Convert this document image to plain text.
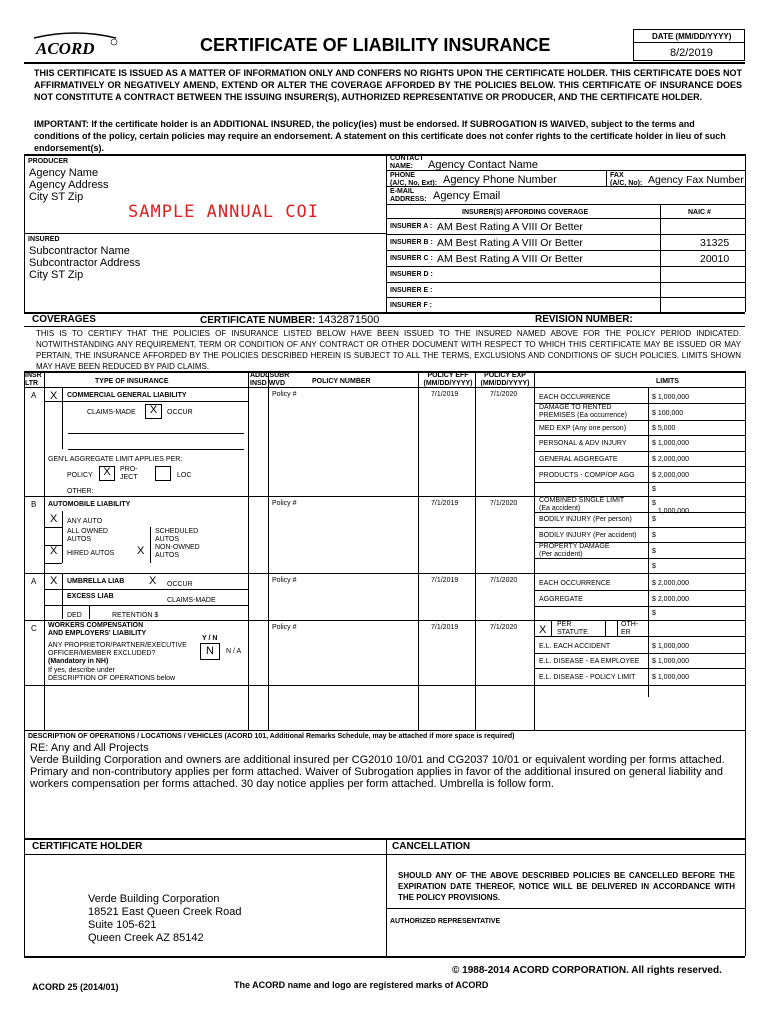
ACORD	CERTIFICATE OF LIABILITY INSURANCE	DATE (MM/DD/YYYY)
8/2/2019
THIS CERTIFICATE IS ISSUED AS A MATTER OF INFORMATION ONLY AND CONFERS NO RIGHTS UPON THE CERTIFICATE HOLDER. THIS CERTIFICATE DOES NOT AFFIRMATIVELY OR NEGATIVELY AMEND, EXTEND OR ALTER THE COVERAGE AFFORDED BY THE POLICIES BELOW. THIS CERTIFICATE OF INSURANCE DOES NOT CONSTITUTE A CONTRACT BETWEEN THE ISSUING INSURER(S), AUTHORIZED REPRESENTATIVE OR PRODUCER, AND THE CERTIFICATE HOLDER.
IMPORTANT: If the certificate holder is an ADDITIONAL INSURED, the policy(ies) must be endorsed. If SUBROGATION IS WAIVED, subject to the terms and conditions of the policy, certain policies may require an endorsement. A statement on this certificate does not confer rights to the certificate holder in lieu of such endorsement(s).
PRODUCER
Agency Name
Agency Address
City ST Zip
SAMPLE ANNUAL COI
CONTACT
NAME:	Agency Contact Name
PHONE
(A/C, No, Ext): Agency Phone Number	FAX
(A/C, No): Agency Fax Number
E-MAIL
ADDRESS: Agency Email
INSURER(S) AFFORDING COVERAGE	NAIC #
INSURER A : AM Best Rating A VIII Or Better
INSURER B : AM Best Rating A VIII Or Better	31325
INSURER C : AM Best Rating A VIII Or Better	20010
INSURER D :
INSURER E :
INSURER F :
INSURED
Subcontractor Name
Subcontractor Address
City ST Zip
COVERAGES	CERTIFICATE NUMBER: 1432871500	REVISION NUMBER:
THIS IS TO CERTIFY THAT THE POLICIES OF INSURANCE LISTED BELOW HAVE BEEN ISSUED TO THE INSURED NAMED ABOVE FOR THE POLICY PERIOD INDICATED. NOTWITHSTANDING ANY REQUIREMENT, TERM OR CONDITION OF ANY CONTRACT OR OTHER DOCUMENT WITH RESPECT TO WHICH THIS CERTIFICATE MAY BE ISSUED OR MAY PERTAIN, THE INSURANCE AFFORDED BY THE POLICIES DESCRIBED HEREIN IS SUBJECT TO ALL THE TERMS, EXCLUSIONS AND CONDITIONS OF SUCH POLICIES. LIMITS SHOWN MAY HAVE BEEN REDUCED BY PAID CLAIMS.
INSR
LTR	TYPE OF INSURANCE
ADDLSUBR
INSD WVD	POLICY NUMBER
POLICY EFF
(MM/DD/YYYY)
POLICY EXP
(MM/DD/YYYY)	LIMITS
A X COMMERCIAL GENERAL LIABILITY
CLAIMS-MADE	X	OCCUR
GEN'L AGGREGATE LIMIT APPLIES PER:
POLICY X	PRO-
JECT	LOC
OTHER:
Policy #	7/1/2019	7/1/2020	EACH OCCURRENCE	$ 1,000,000
DAMAGE TO RENTED
PREMISES (Ea occurrence)	$ 100,000
MED EXP (Any one person)	$ 5,000
PERSONAL & ADV INJURY	$ 1,000,000
GENERAL AGGREGATE	$ 2,000,000
PRODUCTS - COMP/OP AGG $ 2,000,000
$
B AUTOMOBILE LIABILITY	Policy #	7/1/2019	7/1/2020
X ANY AUTO
ALL OWNED
AUTOS
SCHEDULED
AUTOS
X HIRED AUTOS X NON-OWNED
AUTOS
COMBINED SINGLE LIMIT
(Ea accident)
$
1,000,000
BODILY INJURY (Per person)	$
BODILY INJURY (Per accident) $
PROPERTY DAMAGE
(Per accident)	$
$
A X UMBRELLA LIAB X OCCUR
EXCESS LIAB
CLAIMS-MADE
DED	RETENTION $
Policy #	7/1/2019	7/1/2020	EACH OCCURRENCE	$ 2,000,000
AGGREGATE	$ 2,000,000
$
C WORKERS COMPENSATION
AND EMPLOYERS' LIABILITY
Y / N
ANY PROPRIETOR/PARTNER/EXECUTIVE
OFFICER/MEMBER EXCLUDED?
(Mandatory in NH)
If yes, describe under
DESCRIPTION OF OPERATIONS below
N	N / A
Policy #	7/1/2019	7/1/2020 X PER
STATUTE
OTH-
ER
E.L. EACH ACCIDENT	$ 1,000,000
E.L. DISEASE - EA EMPLOYEE $ 1,000,000
E.L. DISEASE - POLICY LIMIT $ 1,000,000
DESCRIPTION OF OPERATIONS / LOCATIONS / VEHICLES (ACORD 101, Additional Remarks Schedule, may be attached if more space is required)
RE: Any and All Projects
Verde Building Corporation and owners are additional insured per CG2010 10/01 and CG2037 10/01 or equivalent wording per forms attached. Primary and non-contributory applies per form attached. Waiver of Subrogation applies in favor of the additional insured on general liability and workers compensation per forms attached. 30 day notice applies per form attached. Umbrella is follow form.
CERTIFICATE HOLDER	CANCELLATION
Verde Building Corporation
18521 East Queen Creek Road
Suite 105-621
Queen Creek AZ 85142
SHOULD ANY OF THE ABOVE DESCRIBED POLICIES BE CANCELLED BEFORE THE EXPIRATION DATE THEREOF, NOTICE WILL BE DELIVERED IN ACCORDANCE WITH THE POLICY PROVISIONS.
AUTHORIZED REPRESENTATIVE
© 1988-2014 ACORD CORPORATION. All rights reserved.
ACORD 25 (2014/01)	The ACORD name and logo are registered marks of ACORD
